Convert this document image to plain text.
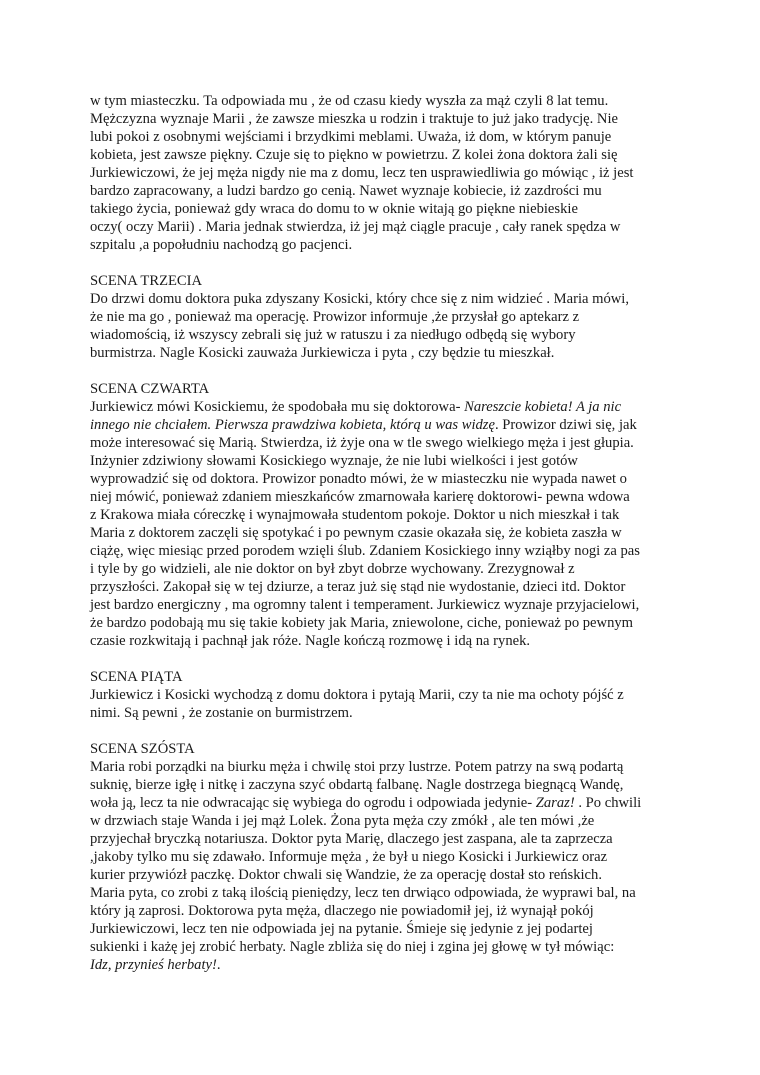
w tym miasteczku. Ta odpowiada mu , że od czasu kiedy wyszła za mąż czyli 8 lat temu.
Mężczyzna wyznaje Marii , że zawsze mieszka u rodzin i traktuje to już jako tradycję. Nie
lubi pokoi z osobnymi wejściami i brzydkimi meblami. Uważa, iż dom, w którym panuje
kobieta, jest zawsze piękny. Czuje się to piękno w powietrzu. Z kolei żona doktora żali się
Jurkiewiczowi, że jej męża nigdy nie ma z domu, lecz ten usprawiedliwia go mówiąc , iż jest
bardzo zapracowany, a ludzi bardzo go cenią. Nawet wyznaje kobiecie, iż zazdrości mu
takiego życia, ponieważ gdy wraca do domu to w oknie witają go piękne niebieskie
oczy( oczy Marii) . Maria jednak stwierdza, iż jej mąż ciągle pracuje , cały ranek spędza w
szpitalu ,a popołudniu nachodzą go pacjenci.
SCENA TRZECIA
Do drzwi domu doktora puka zdyszany Kosicki, który chce się z nim widzieć . Maria mówi,
że nie ma go , ponieważ ma operację. Prowizor informuje ,że przysłał go aptekarz z
wiadomością, iż wszyscy zebrali się już w ratuszu i za niedługo odbędą się wybory
burmistrza. Nagle Kosicki zauważa Jurkiewicza i pyta , czy będzie tu mieszkał.
SCENA CZWARTA
Jurkiewicz mówi Kosickiemu, że spodobała mu się doktorowa- Nareszcie kobieta! A ja nic
innego nie chciałem. Pierwsza prawdziwa kobieta, którą u was widzę. Prowizor dziwi się, jak
może interesować się Marią. Stwierdza, iż żyje ona w tle swego wielkiego męża i jest głupia.
Inżynier zdziwiony słowami Kosickiego wyznaje, że nie lubi wielkości i jest gotów
wyprowadzić się od doktora. Prowizor ponadto mówi, że w miasteczku nie wypada nawet o
niej mówić, ponieważ zdaniem mieszkańców zmarnowała karierę doktorowi- pewna wdowa
z Krakowa miała córeczkę i wynajmowała studentom pokoje. Doktor u nich mieszkał i tak
Maria z doktorem zaczęli się spotykać i po pewnym czasie okazała się, że kobieta zaszła w
ciążę, więc miesiąc przed porodem wzięli ślub. Zdaniem Kosickiego inny wziąłby nogi za pas
i tyle by go widzieli, ale nie doktor on był zbyt dobrze wychowany. Zrezygnował z
przyszłości. Zakopał się w tej dziurze, a teraz już się stąd nie wydostanie, dzieci itd. Doktor
jest bardzo energiczny , ma ogromny talent i temperament. Jurkiewicz wyznaje przyjacielowi,
że bardzo podobają mu się takie kobiety jak Maria, zniewolone, ciche, ponieważ po pewnym
czasie rozkwitają i pachnął jak róże. Nagle kończą rozmowę i idą na rynek.
SCENA PIĄTA
Jurkiewicz i Kosicki wychodzą z domu doktora i pytają Marii, czy ta nie ma ochoty pójść z
nimi. Są pewni , że zostanie on burmistrzem.
SCENA SZÓSTA
Maria robi porządki na biurku męża i chwilę stoi przy lustrze. Potem patrzy na swą podartą
suknię, bierze igłę i nitkę i zaczyna szyć obdartą falbanę. Nagle dostrzega biegnącą Wandę,
woła ją, lecz ta nie odwracając się wybiega do ogrodu i odpowiada jedynie- Zaraz! . Po chwili
w drzwiach staje Wanda i jej mąż Lolek. Żona pyta męża czy zmókł , ale ten mówi ,że
przyjechał bryczką notariusza. Doktor pyta Marię, dlaczego jest zaspana, ale ta zaprzecza
,jakoby tylko mu się zdawało. Informuje męża , że był u niego Kosicki i Jurkiewicz oraz
kurier przywiózł paczkę. Doktor chwali się Wandzie, że za operację dostał sto reńskich.
Maria pyta, co zrobi z taką ilością pieniędzy, lecz ten drwiąco odpowiada, że wyprawi bal, na
który ją zaprosi. Doktorowa pyta męża, dlaczego nie powiadomił jej, iż wynajął pokój
Jurkiewiczowi, lecz ten nie odpowiada jej na pytanie. Śmieje się jedynie z jej podartej
sukienki i każę jej zrobić herbaty. Nagle zbliża się do niej i zgina jej głowę w tył mówiąc:
Idz, przynieś herbaty!.
